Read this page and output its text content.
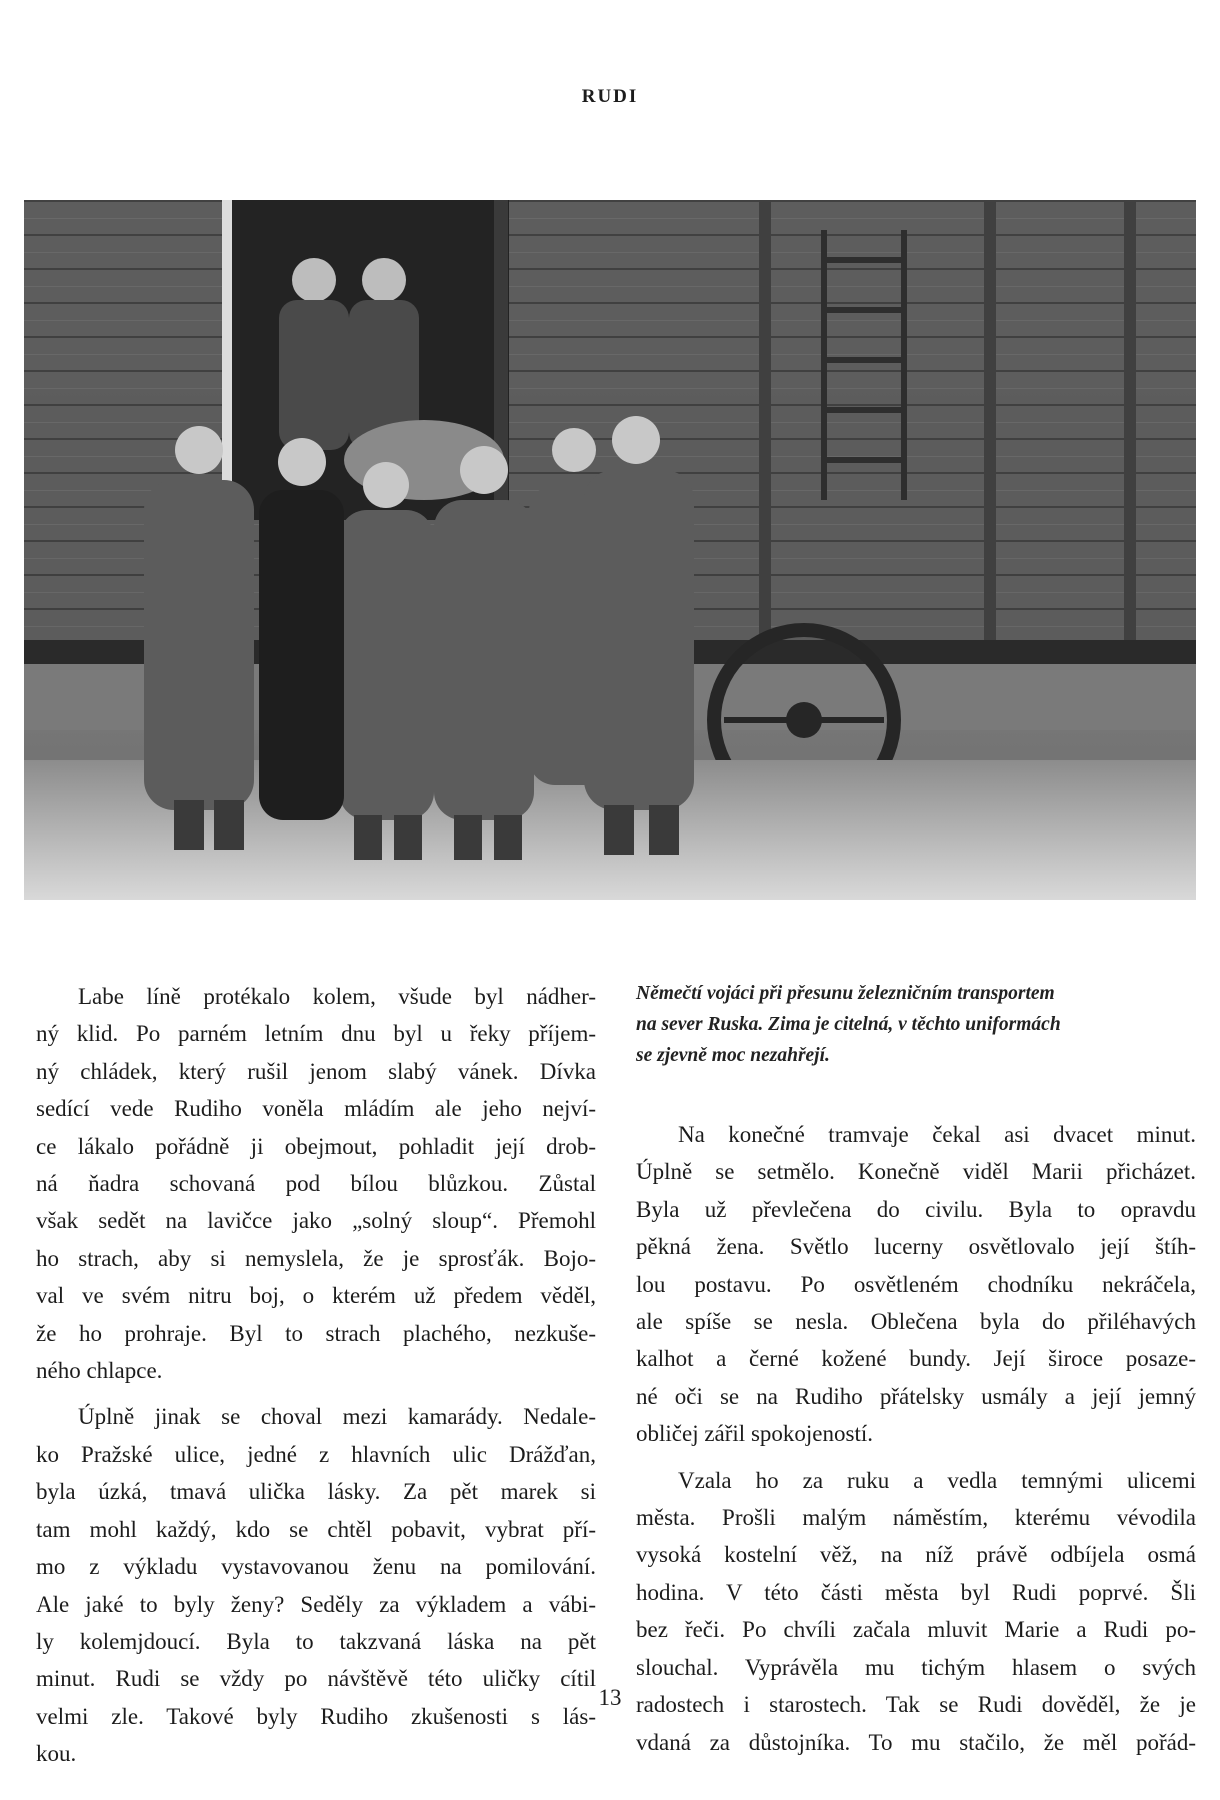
RUDI

Labe líně protékalo kolem, všude byl nádher-
ný klid. Po parném letním dnu byl u řeky příjem-
ný chládek, který rušil jenom slabý vánek. Dívka
sedící vede Rudiho voněla mládím ale jeho nejví-
ce lákalo pořádně ji obejmout, pohladit její drob-
ná ňadra schovaná pod bílou blůzkou. Zůstal
však sedět na lavičce jako „solný sloup“. Přemohl
ho strach, aby si nemyslela, že je sprosťák. Bojo-
val ve svém nitru boj, o kterém už předem věděl,
že ho prohraje. Byl to strach plachého, nezkuše-
ného chlapce.

Úplně jinak se choval mezi kamarády. Nedale-
ko Pražské ulice, jedné z hlavních ulic Drážďan,
byla úzká, tmavá ulička lásky. Za pět marek si
tam mohl každý, kdo se chtěl pobavit, vybrat pří-
mo z výkladu vystavovanou ženu na pomilování.
Ale jaké to byly ženy? Seděly za výkladem a vábi-
ly kolemjdoucí. Byla to takzvaná láska na pět
minut. Rudi se vždy po návštěvě této uličky cítil
velmi zle. Takové byly Rudiho zkušenosti s lás-
kou.

Němečtí vojáci při přesunu železničním transportem
na sever Ruska. Zima je citelná, v těchto uniformách
se zjevně moc nezahřejí.

Na konečné tramvaje čekal asi dvacet minut.
Úplně se setmělo. Konečně viděl Marii přicházet.
Byla už převlečena do civilu. Byla to opravdu
pěkná žena. Světlo lucerny osvětlovalo její štíh-
lou postavu. Po osvětleném chodníku nekráčela,
ale spíše se nesla. Oblečena byla do přiléhavých
kalhot a černé kožené bundy. Její široce posaze-
né oči se na Rudiho přátelsky usmály a její jemný
obličej zářil spokojeností.

Vzala ho za ruku a vedla temnými ulicemi
města. Prošli malým náměstím, kterému vévodila
vysoká kostelní věž, na níž právě odbíjela osmá
hodina. V této části města byl Rudi poprvé. Šli
bez řeči. Po chvíli začala mluvit Marie a Rudi po-
slouchal. Vyprávěla mu tichým hlasem o svých
radostech i starostech. Tak se Rudi dověděl, že je
vdaná za důstojníka. To mu stačilo, že měl pořád-

13
